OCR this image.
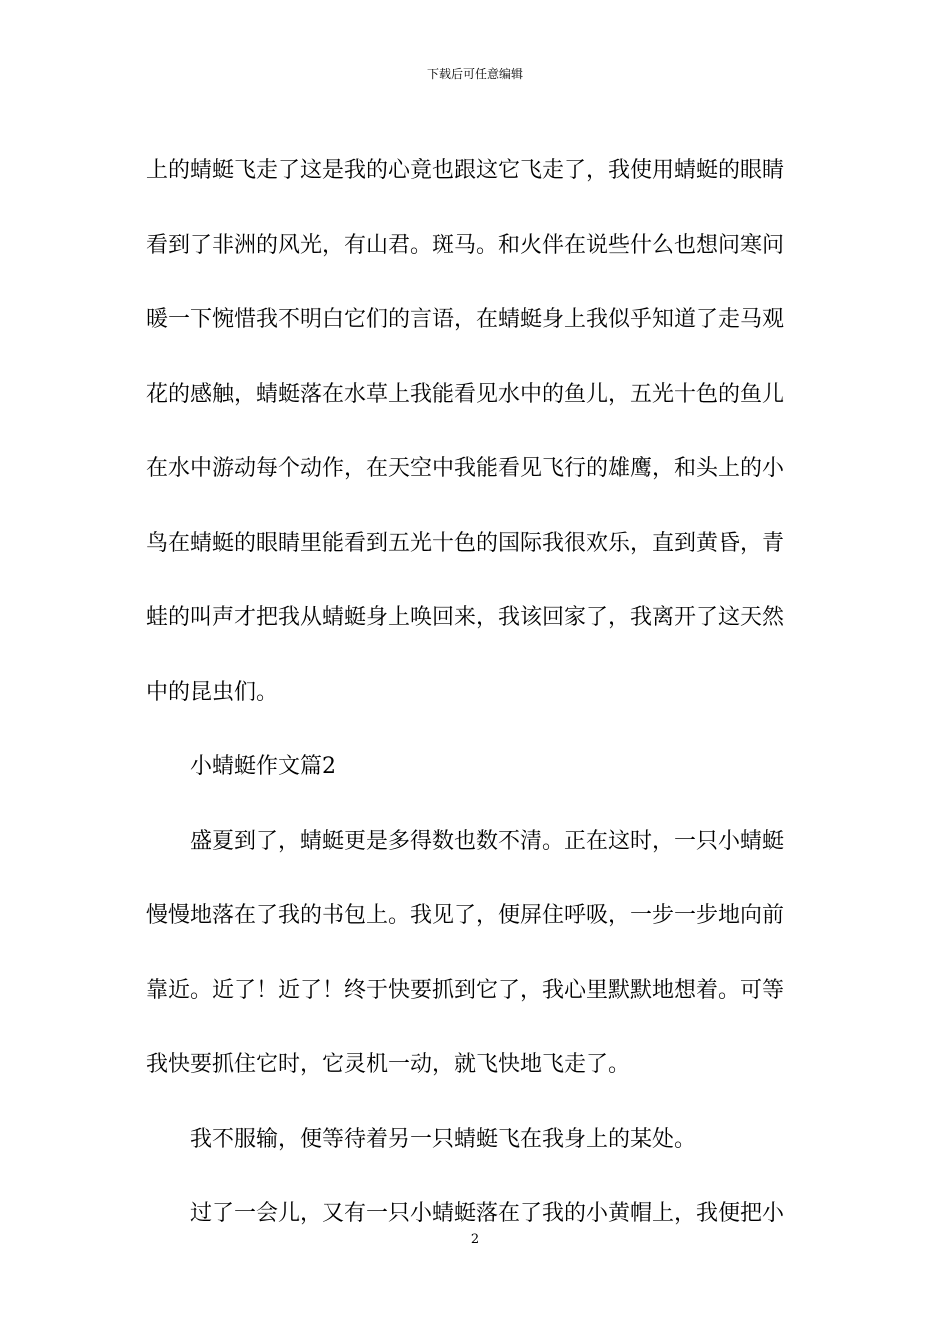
下载后可任意编辑

上的蜻蜓飞走了这是我的心竟也跟这它飞走了，我使用蜻蜓的眼睛
看到了非洲的风光，有山君。斑马。和火伴在说些什么也想问寒问
暖一下惋惜我不明白它们的言语，在蜻蜓身上我似乎知道了走马观
花的感触，蜻蜓落在水草上我能看见水中的鱼儿，五光十色的鱼儿
在水中游动每个动作，在天空中我能看见飞行的雄鹰，和头上的小
鸟在蜻蜓的眼睛里能看到五光十色的国际我很欢乐，直到黄昏，青
蛙的叫声才把我从蜻蜓身上唤回来，我该回家了，我离开了这天然
中的昆虫们。

小蜻蜓作文篇2

盛夏到了，蜻蜓更是多得数也数不清。正在这时，一只小蜻蜓
慢慢地落在了我的书包上。我见了，便屏住呼吸，一步一步地向前
靠近。近了！近了！终于快要抓到它了，我心里默默地想着。可等
我快要抓住它时，它灵机一动，就飞快地飞走了。

我不服输，便等待着另一只蜻蜓飞在我身上的某处。

过了一会儿，又有一只小蜻蜓落在了我的小黄帽上，我便把小

2
